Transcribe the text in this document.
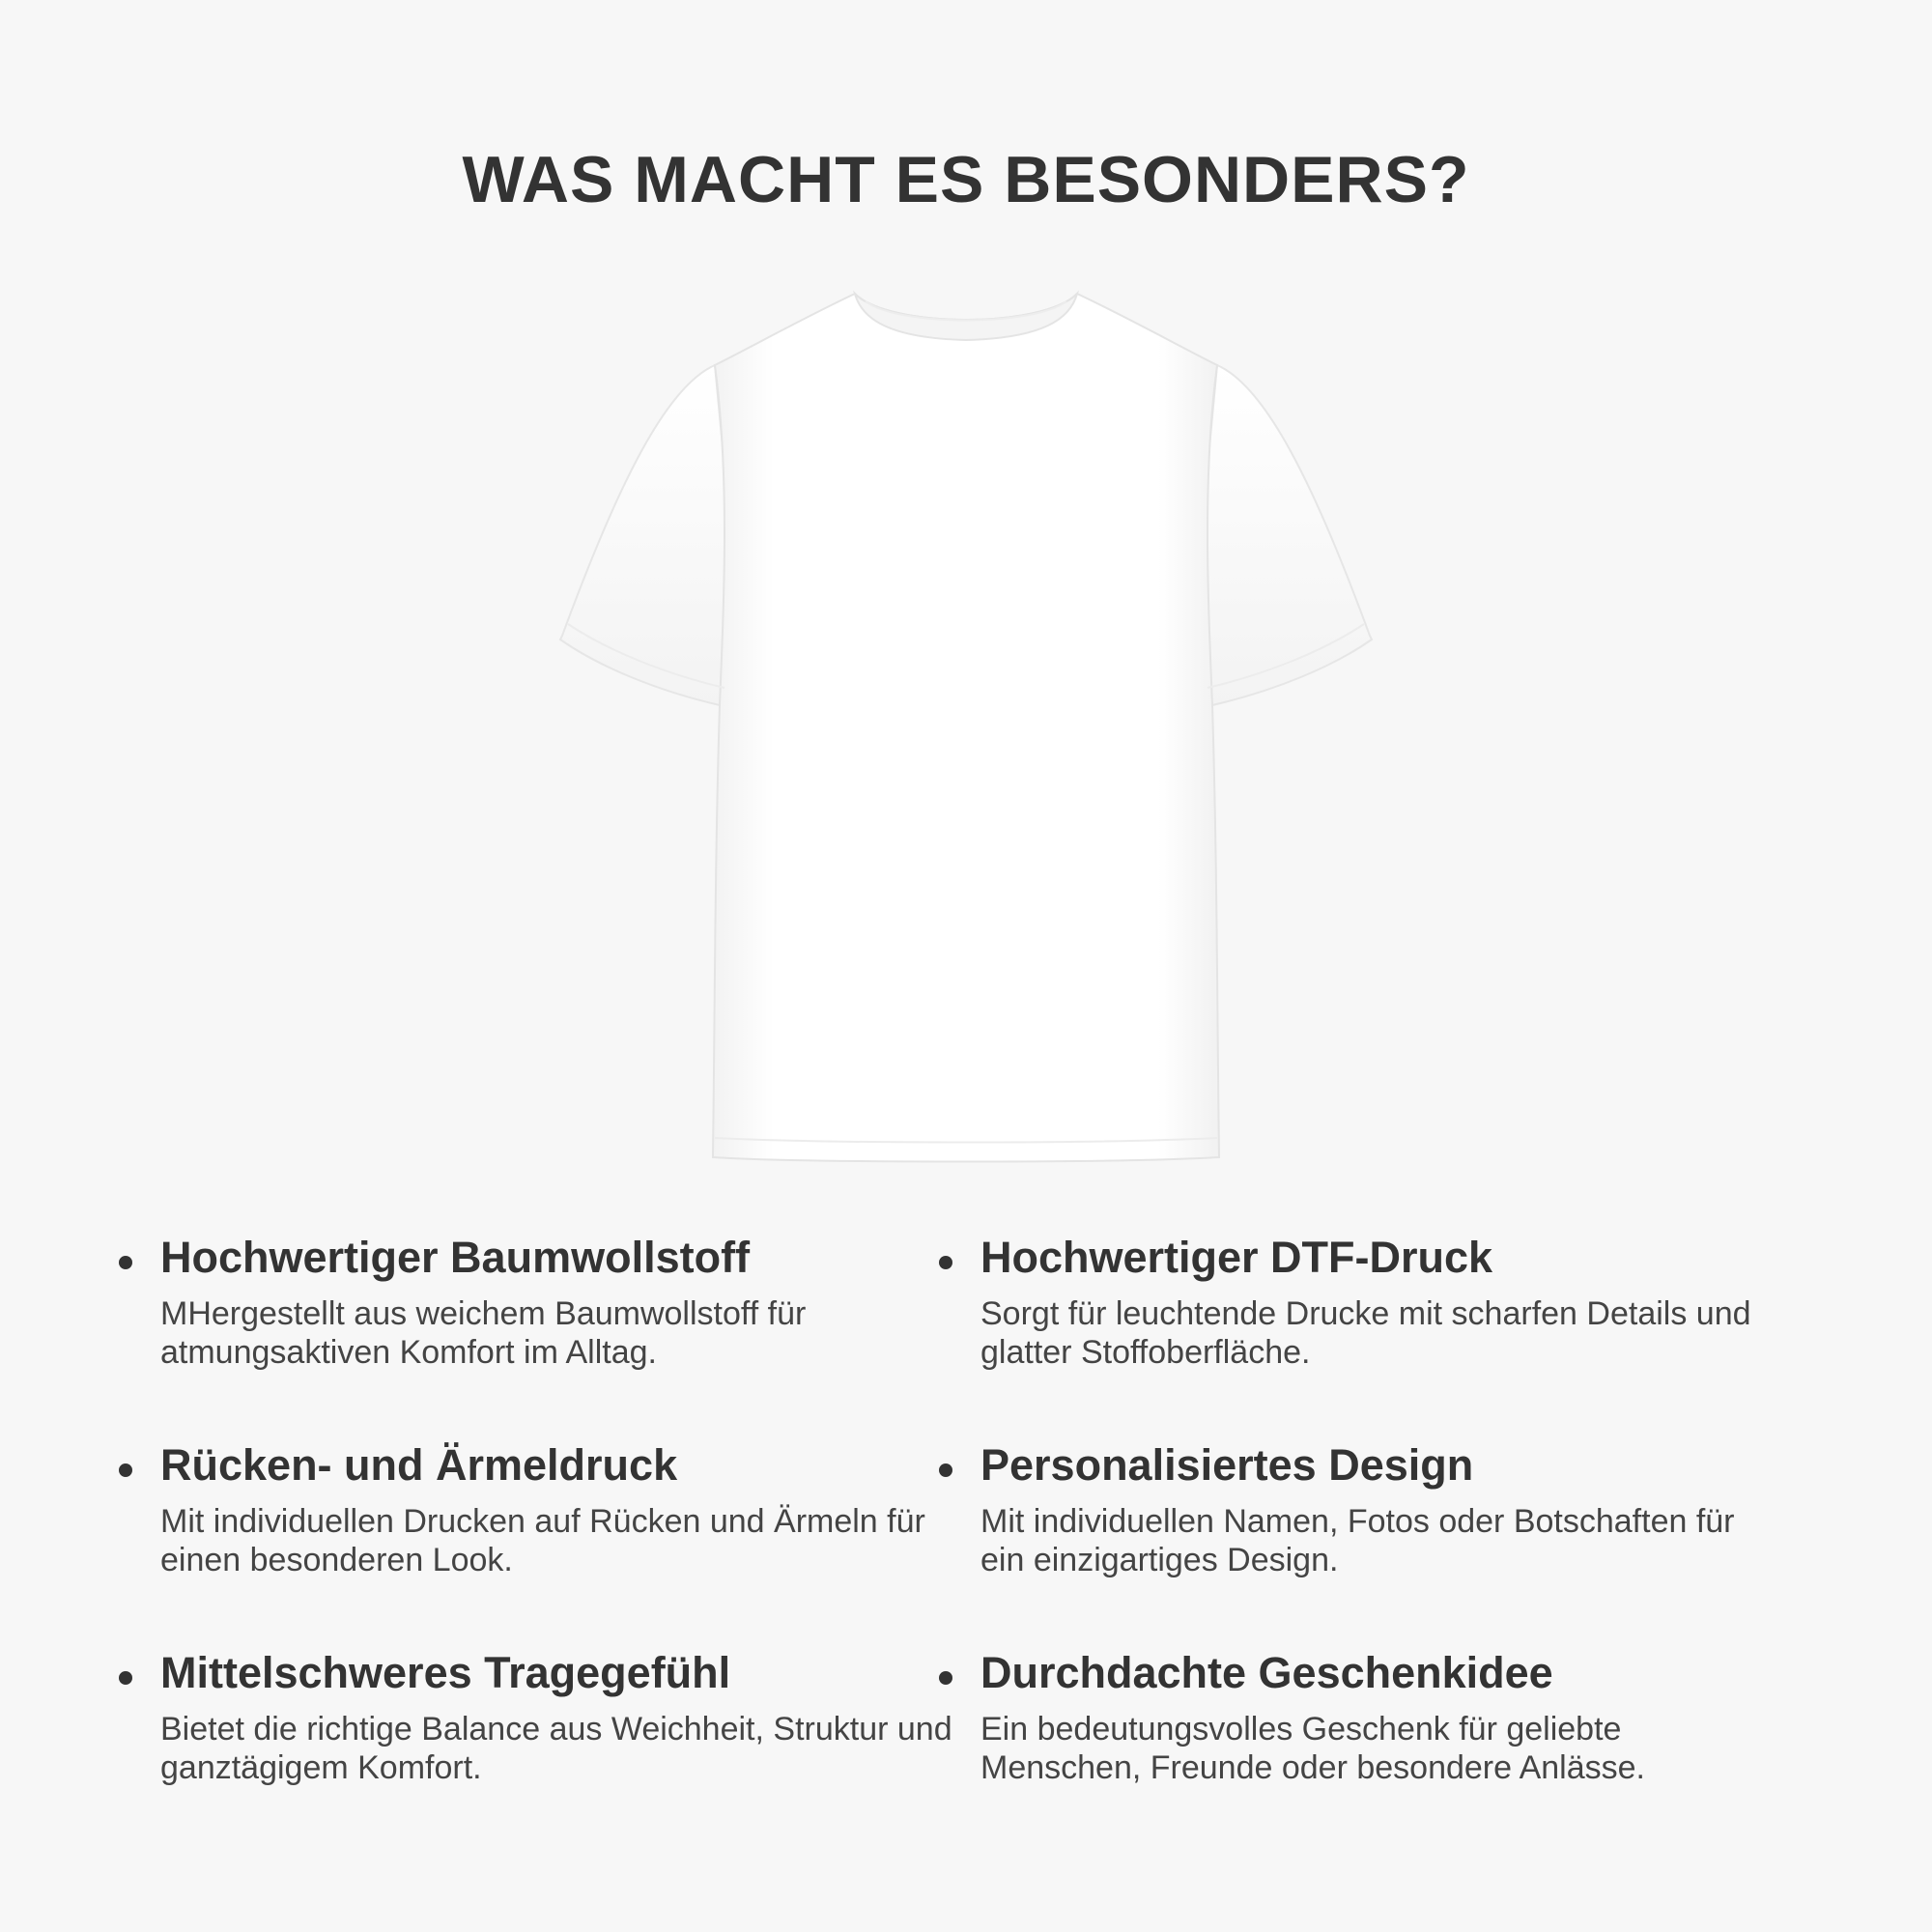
WAS MACHT ES BESONDERS?

Hochwertiger Baumwollstoff

MHergestellt aus weichem Baumwollstoff für atmungsaktiven Komfort im Alltag.

Hochwertiger DTF-Druck

Sorgt für leuchtende Drucke mit scharfen Details und glatter Stoffoberfläche.

Rücken- und Ärmeldruck

Mit individuellen Drucken auf Rücken und Ärmeln für einen besonderen Look.

Personalisiertes Design

Mit individuellen Namen, Fotos oder Botschaften für ein einzigartiges Design.

Mittelschweres Tragegefühl

Bietet die richtige Balance aus Weichheit, Struktur und ganztägigem Komfort.

Durchdachte Geschenkidee

Ein bedeutungsvolles Geschenk für geliebte Menschen, Freunde oder besondere Anlässe.
